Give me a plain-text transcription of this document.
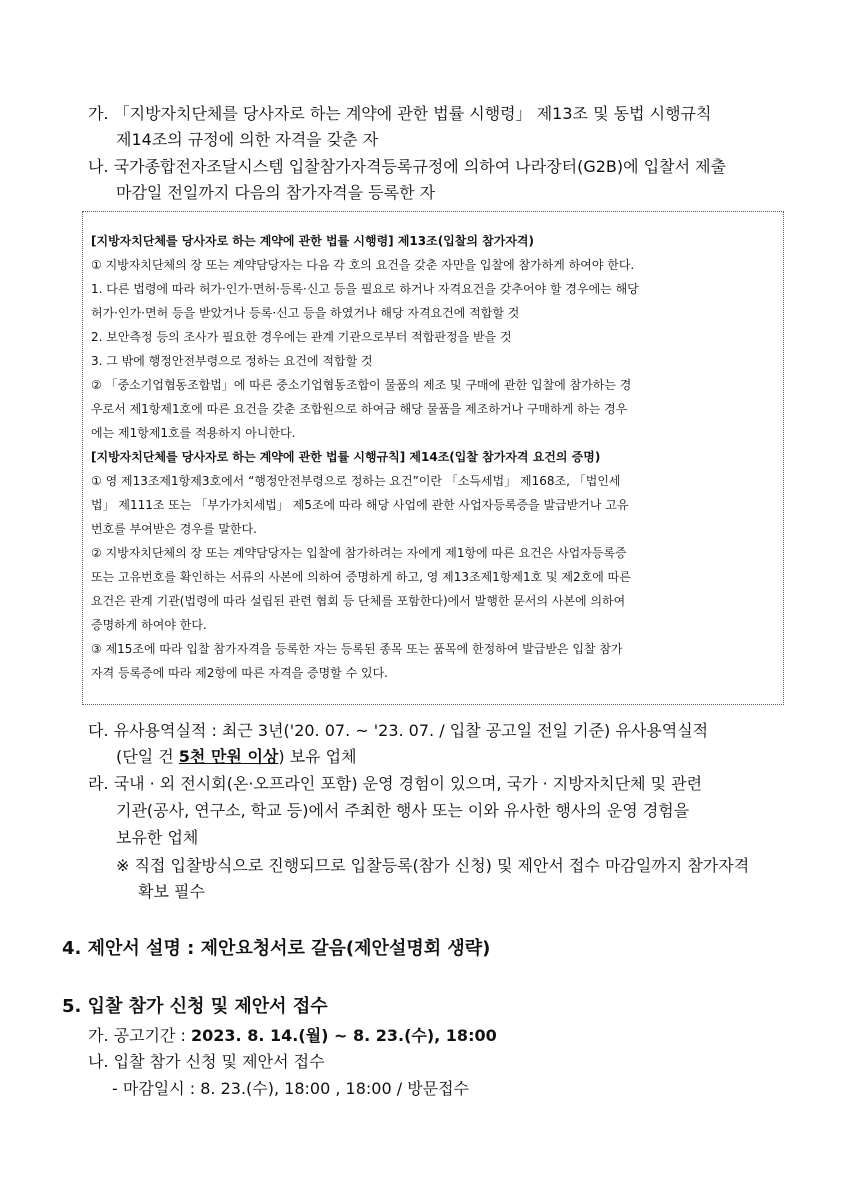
가. 「지방자치단체를 당사자로 하는 계약에 관한 법률 시행령」 제13조 및 동법 시행규칙
제14조의 규정에 의한 자격을 갖춘 자
나. 국가종합전자조달시스템 입찰참가자격등록규정에 의하여 나라장터(G2B)에 입찰서 제출
마감일 전일까지 다음의 참가자격을 등록한 자
[지방자치단체를 당사자로 하는 계약에 관한 법률 시행령] 제13조(입찰의 참가자격)
① 지방자치단체의 장 또는 계약담당자는 다음 각 호의 요건을 갖춘 자만을 입찰에 참가하게 하여야 한다.
1. 다른 법령에 따라 허가·인가·면허·등록·신고 등을 필요로 하거나 자격요건을 갖추어야 할 경우에는 해당
허가·인가·면허 등을 받았거나 등록·신고 등을 하였거나 해당 자격요건에 적합할 것
2. 보안측정 등의 조사가 필요한 경우에는 관계 기관으로부터 적합판정을 받을 것
3. 그 밖에 행정안전부령으로 정하는 요건에 적합할 것
② 「중소기업협동조합법」에 따른 중소기업협동조합이 물품의 제조 및 구매에 관한 입찰에 참가하는 경
우로서 제1항제1호에 따른 요건을 갖춘 조합원으로 하여금 해당 물품을 제조하거나 구매하게 하는 경우
에는 제1항제1호를 적용하지 아니한다.
[지방자치단체를 당사자로 하는 계약에 관한 법률 시행규칙] 제14조(입찰 참가자격 요건의 증명)
① 영 제13조제1항제3호에서 “행정안전부령으로 정하는 요건”이란 「소득세법」 제168조, 「법인세
법」 제111조 또는 「부가가치세법」 제5조에 따라 해당 사업에 관한 사업자등록증을 발급받거나 고유
번호를 부여받은 경우를 말한다.
② 지방자치단체의 장 또는 계약담당자는 입찰에 참가하려는 자에게 제1항에 따른 요건은 사업자등록증
또는 고유번호를 확인하는 서류의 사본에 의하여 증명하게 하고, 영 제13조제1항제1호 및 제2호에 따른
요건은 관계 기관(법령에 따라 설립된 관련 협회 등 단체를 포함한다)에서 발행한 문서의 사본에 의하여
증명하게 하여야 한다.
③ 제15조에 따라 입찰 참가자격을 등록한 자는 등록된 종목 또는 품목에 한정하여 발급받은 입찰 참가
자격 등록증에 따라 제2항에 따른 자격을 증명할 수 있다.
다. 유사용역실적 : 최근 3년('20. 07. ~ '23. 07. / 입찰 공고일 전일 기준) 유사용역실적
(단일 건 5천 만원 이상) 보유 업체
라. 국내 · 외 전시회(온·오프라인 포함) 운영 경험이 있으며, 국가 · 지방자치단체 및 관련
기관(공사, 연구소, 학교 등)에서 주최한 행사 또는 이와 유사한 행사의 운영 경험을
보유한 업체
※ 직접 입찰방식으로 진행되므로 입찰등록(참가 신청) 및 제안서 접수 마감일까지 참가자격
확보 필수
4. 제안서 설명 : 제안요청서로 갈음(제안설명회 생략)
5. 입찰 참가 신청 및 제안서 접수
가. 공고기간 : 2023. 8. 14.(월) ~ 8. 23.(수), 18:00
나. 입찰 참가 신청 및 제안서 접수
- 마감일시 : 8. 23.(수), 18:00 , 18:00 / 방문접수
